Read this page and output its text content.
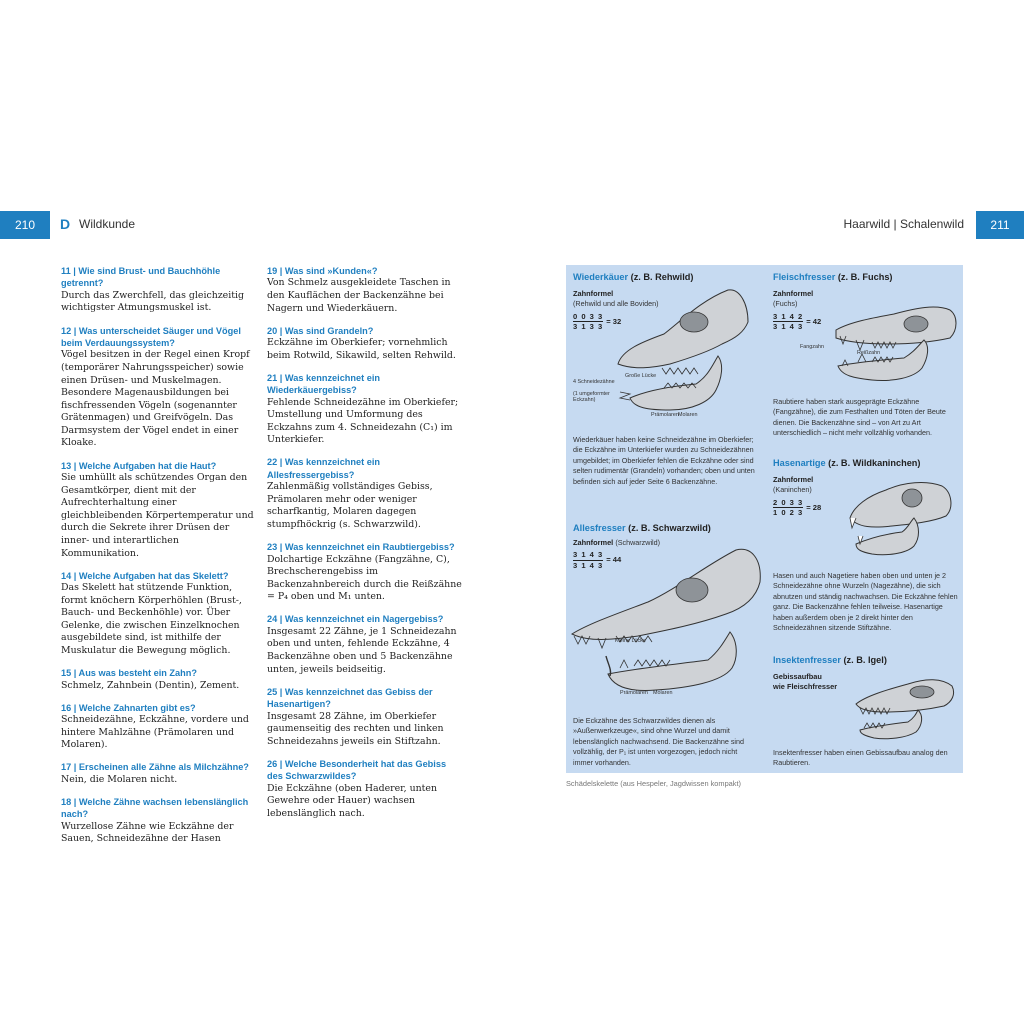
210	D Wildkunde	Haarwild | Schalenwild	211
11 | Wie sind Brust- und Bauchhöhle getrennt?
Durch das Zwerchfell, das gleichzeitig wichtigster Atmungsmuskel ist.
12 | Was unterscheidet Säuger und Vögel beim Verdauungssystem?
Vögel besitzen in der Regel einen Kropf (temporärer Nahrungsspeicher) sowie einen Drüsen- und Muskelmagen. Besondere Magenausbildungen bei fischfressenden Vögeln (sogenannter Grätenmagen) und Greifvögeln. Das Darmsystem der Vögel endet in einer Kloake.
13 | Welche Aufgaben hat die Haut?
Sie umhüllt als schützendes Organ den Gesamtkörper, dient mit der Aufrechterhaltung einer gleichbleibenden Körpertemperatur und durch die Sekrete ihrer Drüsen der inner- und interartlichen Kommunikation.
14 | Welche Aufgaben hat das Skelett?
Das Skelett hat stützende Funktion, formt knöchern Körperhöhlen (Brust-, Bauch- und Beckenhöhle) vor. Über Gelenke, die zwischen Einzelknochen ausgebildete sind, ist mithilfe der Muskulatur die Bewegung möglich.
15 | Aus was besteht ein Zahn?
Schmelz, Zahnbein (Dentin), Zement.
16 | Welche Zahnarten gibt es?
Schneidezähne, Eckzähne, vordere und hintere Mahlzähne (Prämolaren und Molaren).
17 | Erscheinen alle Zähne als Milchzähne?
Nein, die Molaren nicht.
18 | Welche Zähne wachsen lebenslänglich nach?
Wurzellose Zähne wie Eckzähne der Sauen, Schneidezähne der Hasen
19 | Was sind »Kunden«?
Von Schmelz ausgekleidete Taschen in den Kauflächen der Backenzähne bei Nagern und Wiederkäuern.
20 | Was sind Grandeln?
Eckzähne im Oberkiefer; vornehmlich beim Rotwild, Sikawild, selten Rehwild.
21 | Was kennzeichnet ein Wiederkäuergebiss?
Fehlende Schneidezähne im Oberkiefer; Umstellung und Umformung des Eckzahns zum 4. Schneidezahn (C₁) im Unterkiefer.
22 | Was kennzeichnet ein Allesfressergebiss?
Zahlenmäßig vollständiges Gebiss, Prämolaren mehr oder weniger scharfkantig, Molaren dagegen stumpfhöckrig (s. Schwarzwild).
23 | Was kennzeichnet ein Raubtiergebiss?
Dolchartige Eckzähne (Fangzähne, C), Brechscherengebiss im Backenzahnbereich durch die Reißzähne = P₄ oben und M₁ unten.
24 | Was kennzeichnet ein Nagergebiss?
Insgesamt 22 Zähne, je 1 Schneidezahn oben und unten, fehlende Eckzähne, 4 Backenzähne oben und 5 Backenzähne unten, jeweils beidseitig.
25 | Was kennzeichnet das Gebiss der Hasenartigen?
Insgesamt 28 Zähne, im Oberkiefer gaumenseitig des rechten und linken Schneidezahns jeweils ein Stiftzahn.
26 | Welche Besonderheit hat das Gebiss des Schwarzwildes?
Die Eckzähne (oben Haderer, unten Gewehre oder Hauer) wachsen lebenslänglich nach.
Wiederkäuer (z. B. Rehwild)
Zahnformel
(Rehwild und alle Boviden)
$\frac{0 0 3 3}{3 1 3 3} = 32$
4 Schneidezähne
(1 umgeformter Eckzahn)
Große Lücke
Prämolaren Molaren
Wiederkäuer haben keine Schneidezähne im Oberkiefer; die Eckzähne im Unterkiefer wurden zu Schneidezähnen umgebildet; im Oberkiefer fehlen die Eckzähne oder sind selten rudimentär (Grandeln) vorhanden; oben und unten befinden sich auf jeder Seite 6 Backenzähne.
Fleischfresser (z. B. Fuchs)
Zahnformel
(Fuchs)
$\frac{3 1 4 2}{3 1 4 3} = 42$
Fangzahn
Reißzahn
Raubtiere haben stark ausgeprägte Eckzähne (Fangzähne), die zum Festhalten und Töten der Beute dienen. Die Backenzähne sind – von Art zu Art unterschiedlich – nicht mehr vollzählig vorhanden.
Hasenartige (z. B. Wildkaninchen)
Zahnformel
(Kaninchen)
$\frac{2 0 3 3}{1 0 2 3} = 28$
Hasen und auch Nagetiere haben oben und unten je 2 Schneidezähne ohne Wurzeln (Nagezähne), die sich abnutzen und ständig nachwachsen. Die Eckzähne fehlen ganz. Die Backenzähne fehlen teilweise. Hasenartige haben außerdem oben je 2 direkt hinter den Schneidezähnen sitzende Stiftzähne.
Allesfresser (z. B. Schwarzwild)
Zahnformel (Schwarzwild)
$\frac{3 1 4 3}{3 1 4 3} = 44$
Kleine Lücke
Prämolaren Molaren
Die Eckzähne des Schwarzwildes dienen als »Außenwerkzeuge«, sind ohne Wurzel und damit lebenslänglich nachwachsend. Die Backenzähne sind vollzählig, der P₁ ist unten vorgezogen, jedoch nicht immer vorhanden.
Insektenfresser (z. B. Igel)
Gebissaufbau
wie Fleischfresser
Insektenfresser haben einen Gebissaufbau analog den Raubtieren.
Schädelskelette (aus Hespeler, Jagdwissen kompakt)
